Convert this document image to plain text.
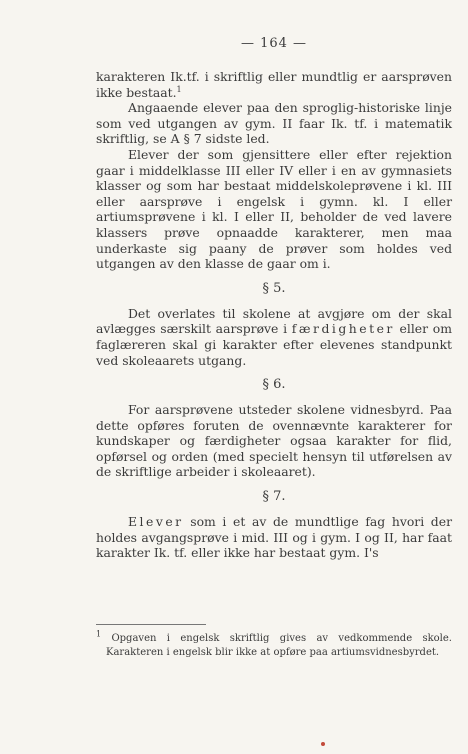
— 164 —

karakteren Ik.tf. i skriftlig eller mundtlig er aarsprøven ikke bestaat.$^1$

Angaaende elever paa den sproglig-historiske linje som ved utgangen av gym. II faar Ik. tf. i matematik skriftlig, se A § 7 sidste led.

Elever der som gjensittere eller efter rejektion gaar i middelklasse III eller IV eller i en av gymnasiets klasser og som har bestaat middelskoleprøvene i kl. III eller aarsprøve i engelsk i gymn. kl. I eller artiumsprøvene i kl. I eller II, beholder de ved lavere klassers prøve opnaadde karakterer, men maa underkaste sig paany de prøver som holdes ved utgangen av den klasse de gaar om i.

§ 5.

Det overlates til skolene at avgjøre om der skal avlægges særskilt aarsprøve i færdigheter eller om faglæreren skal gi karakter efter elevenes standpunkt ved skoleaarets utgang.

§ 6.

For aarsprøvene utsteder skolene vidnesbyrd. Paa dette opføres foruten de ovennævnte karakterer for kundskaper og færdigheter ogsaa karakter for flid, opførsel og orden (med specielt hensyn til utførelsen av de skriftlige arbeider i skoleaaret).

§ 7.

Elever som i et av de mundtlige fag hvori der holdes avgangsprøve i mid. III og i gym. I og II, har faat karakter Ik. tf. eller ikke har bestaat gym. I's

$^1$ Opgaven i engelsk skriftlig gives av vedkommende skole. Karakteren i engelsk blir ikke at opføre paa artiumsvidnesbyrdet.
